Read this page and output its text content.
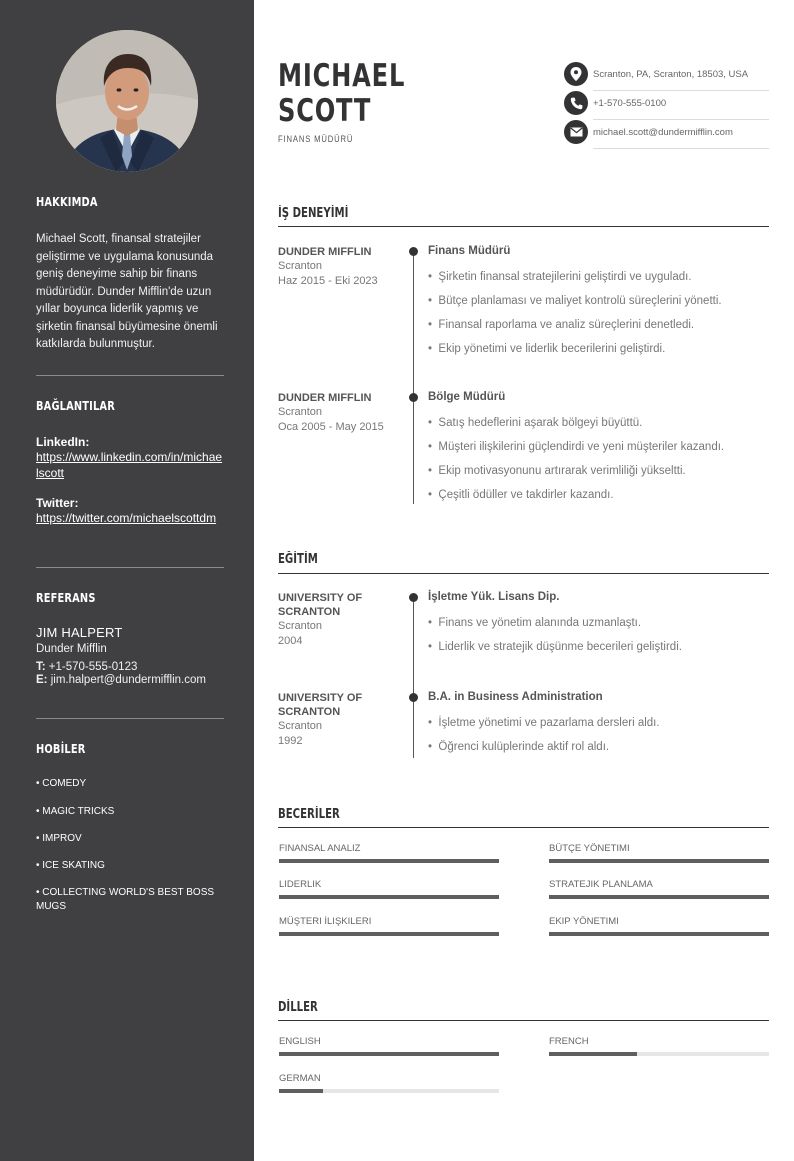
HAKKIMDA
Michael Scott, finansal stratejiler geliştirme ve uygulama konusunda geniş deneyime sahip bir finans müdürüdür. Dunder Mifflin'de uzun yıllar boyunca liderlik yapmış ve şirketin finansal büyümesine önemli katkılarda bulunmuştur.
BAĞLANTILAR
LinkedIn:
https://www.linkedin.com/in/michaelscott
Twitter:
https://twitter.com/michaelscottdm
REFERANS
JIM HALPERT
Dunder Mifflin
T: +1-570-555-0123
E: jim.halpert@dundermifflin.com
HOBİLER
• COMEDY
• MAGIC TRICKS
• IMPROV
• ICE SKATING
• COLLECTING WORLD'S BEST BOSS MUGS
MICHAEL
SCOTT
FINANS MÜDÜRÜ
Scranton, PA, Scranton, 18503, USA
+1-570-555-0100
michael.scott@dundermifflin.com
İŞ DENEYİMİ
DUNDER MIFFLIN
Scranton
Haz 2015 - Eki 2023
Finans Müdürü
•  Şirketin finansal stratejilerini geliştirdi ve uyguladı.
•  Bütçe planlaması ve maliyet kontrolü süreçlerini yönetti.
•  Finansal raporlama ve analiz süreçlerini denetledi.
•  Ekip yönetimi ve liderlik becerilerini geliştirdi.
DUNDER MIFFLIN
Scranton
Oca 2005 - May 2015
Bölge Müdürü
•  Satış hedeflerini aşarak bölgeyi büyüttü.
•  Müşteri ilişkilerini güçlendirdi ve yeni müşteriler kazandı.
•  Ekip motivasyonunu artırarak verimliliği yükseltti.
•  Çeşitli ödüller ve takdirler kazandı.
EĞİTİM
UNIVERSITY OF SCRANTON
Scranton
2004
İşletme Yük. Lisans Dip.
•  Finans ve yönetim alanında uzmanlaştı.
•  Liderlik ve stratejik düşünme becerileri geliştirdi.
UNIVERSITY OF SCRANTON
Scranton
1992
B.A. in Business Administration
•  İşletme yönetimi ve pazarlama dersleri aldı.
•  Öğrenci kulüplerinde aktif rol aldı.
BECERİLER
FINANSAL ANALIZ	BÜTÇE YÖNETIMI
LIDERLIK	STRATEJIK PLANLAMA
MÜŞTERI İLIŞKILERI	EKIP YÖNETIMI
DİLLER
ENGLISH	FRENCH
GERMAN
